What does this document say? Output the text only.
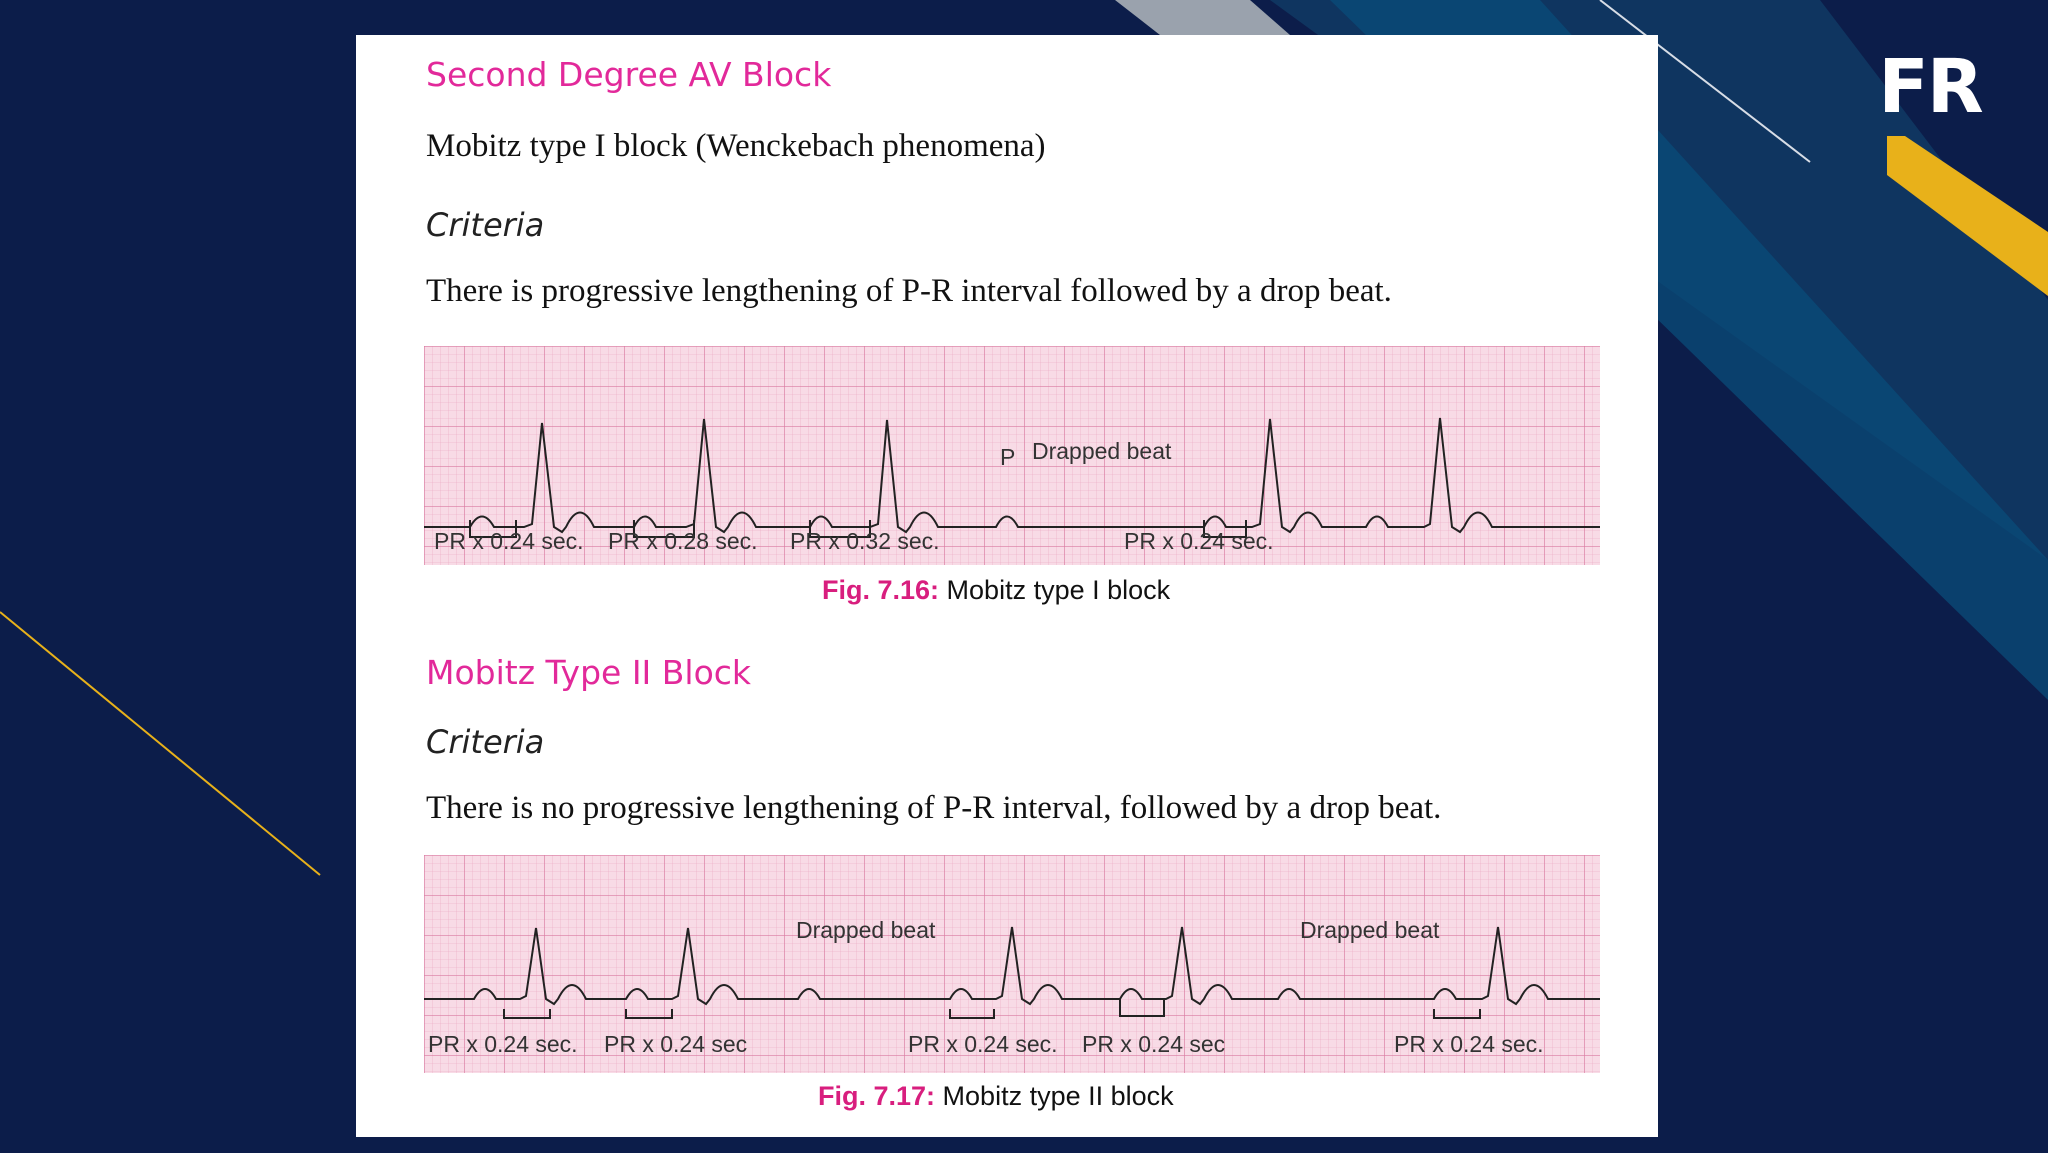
FR
Second Degree AV Block
Mobitz type I block (Wenckebach phenomena)
Criteria
There is progressive lengthening of P-R interval followed by a drop beat.
P Drapped beat
PR x 0.24 sec. PR x 0.28 sec. PR x 0.32 sec.	PR x 0.24 sec.
Fig. 7.16: Mobitz type I block
Mobitz Type II Block
Criteria
There is no progressive lengthening of P-R interval, followed by a drop beat.
Drapped beat	Drapped beat
PR x 0.24 sec. PR x 0.24 sec	PR x 0.24 sec. PR x 0.24 sec	PR x 0.24 sec.
Fig. 7.17: Mobitz type II block
